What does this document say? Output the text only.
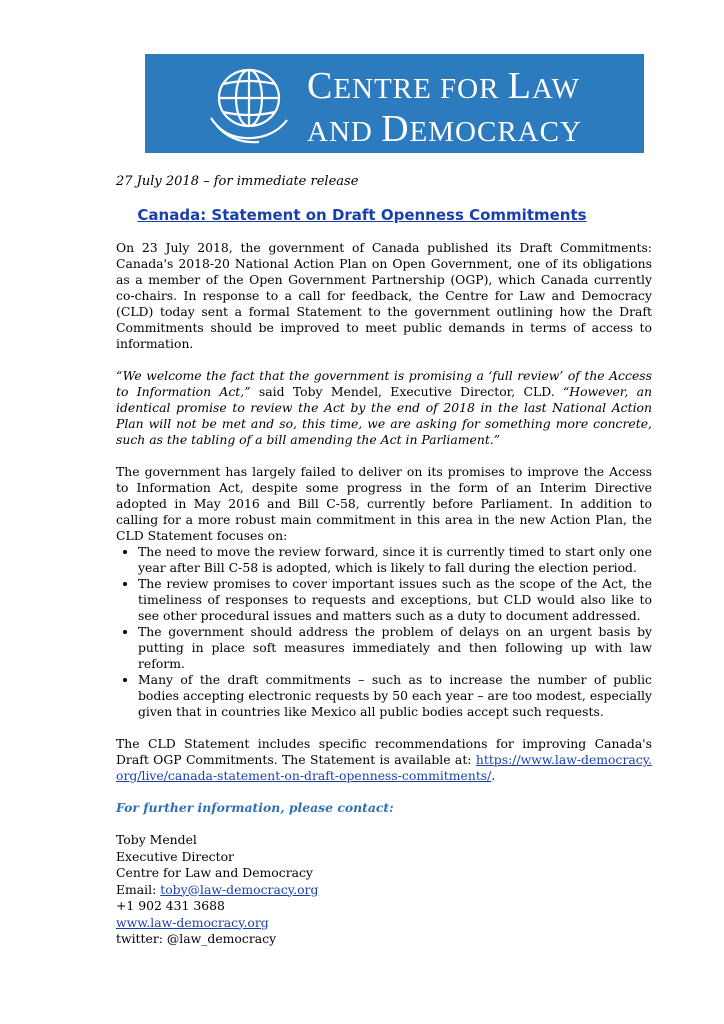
CENTRE FOR LAW
AND DEMOCRACY
27 July 2018 – for immediate release
Canada: Statement on Draft Openness Commitments

On 23 July 2018, the government of Canada published its Draft Commitments: Canada's 2018-20 National Action Plan on Open Government, one of its obligations as a member of the Open Government Partnership (OGP), which Canada currently co-chairs. In response to a call for feedback, the Centre for Law and Democracy (CLD) today sent a formal Statement to the government outlining how the Draft Commitments should be improved to meet public demands in terms of access to information.

“We welcome the fact that the government is promising a ‘full review’ of the Access to Information Act,” said Toby Mendel, Executive Director, CLD. “However, an identical promise to review the Act by the end of 2018 in the last National Action Plan will not be met and so, this time, we are asking for something more concrete, such as the tabling of a bill amending the Act in Parliament.”

The government has largely failed to deliver on its promises to improve the Access to Information Act, despite some progress in the form of an Interim Directive adopted in May 2016 and Bill C-58, currently before Parliament. In addition to calling for a more robust main commitment in this area in the new Action Plan, the CLD Statement focuses on:

• The need to move the review forward, since it is currently timed to start only one year after Bill C-58 is adopted, which is likely to fall during the election period.
• The review promises to cover important issues such as the scope of the Act, the timeliness of responses to requests and exceptions, but CLD would also like to see other procedural issues and matters such as a duty to document addressed.
• The government should address the problem of delays on an urgent basis by putting in place soft measures immediately and then following up with law reform.
• Many of the draft commitments – such as to increase the number of public bodies accepting electronic requests by 50 each year – are too modest, especially given that in countries like Mexico all public bodies accept such requests.

The CLD Statement includes specific recommendations for improving Canada's Draft OGP Commitments. The Statement is available at: https://www.law-democracy.org/live/canada-statement-on-draft-openness-commitments/.

For further information, please contact:
Toby Mendel
Executive Director
Centre for Law and Democracy
Email: toby@law-democracy.org
+1 902 431 3688
www.law-democracy.org
twitter: @law_democracy
